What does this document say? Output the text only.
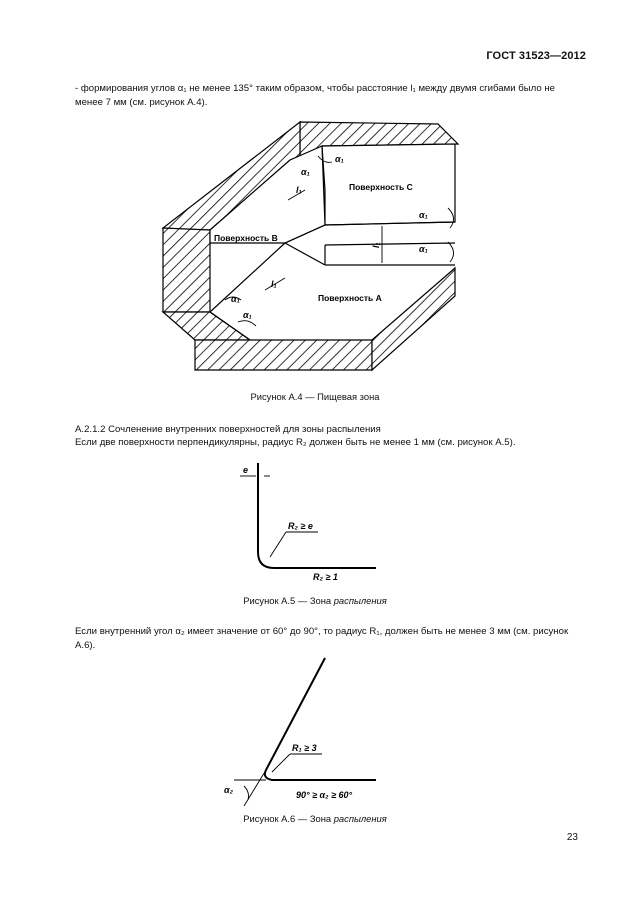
ГОСТ 31523—2012
- формирования углов α₁ не менее 135° таким образом, чтобы расстояние l₁ между двумя сгибами было не менее 7 мм (см. рисунок А.4).
Поверхность С
Поверхность В
Поверхность А
α₁
α₁
α₁
α₁
α₁
α₁
l₁
l₁
l₁
Рисунок А.4 — Пищевая зона
А.2.1.2 Сочленение внутренних поверхностей для зоны распыления
Если две поверхности перпендикулярны, радиус R₂ должен быть не менее 1 мм (см. рисунок А.5).
e
R₂ ≥ e
R₂ ≥ 1
Рисунок А.5 — Зона распыления
Если внутренний угол α₂ имеет значение от 60° до 90°, то радиус R₁, должен быть не менее 3 мм (см. рисунок А.6).
R₁ ≥ 3
90° ≥ α₂ ≥ 60°
α₂
Рисунок А.6 — Зона распыления
23
